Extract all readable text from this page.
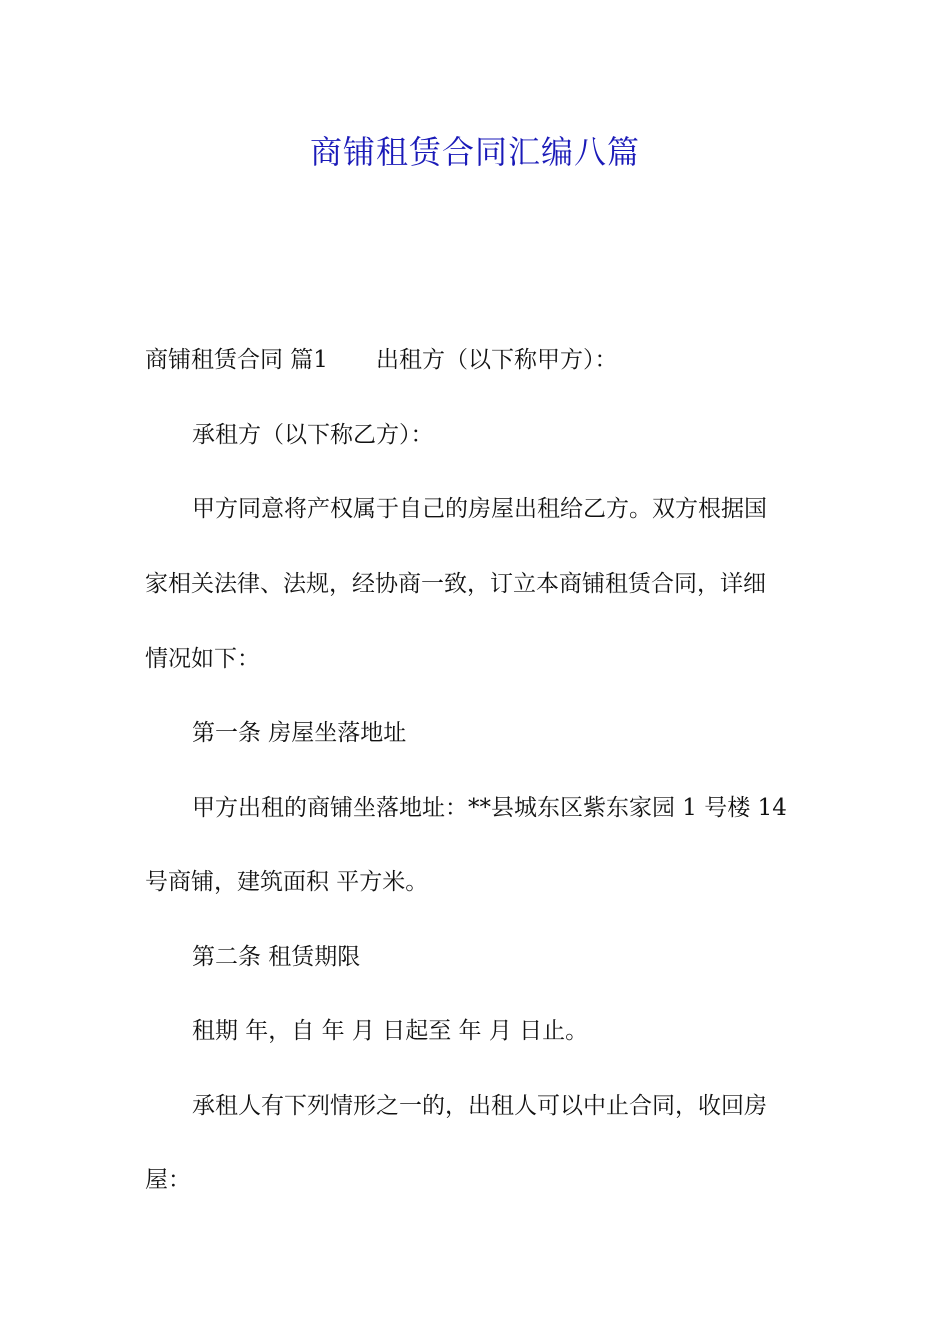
商铺租赁合同汇编八篇
商铺租赁合同 篇1 出租方（以下称甲方）：
承租方（以下称乙方）：
甲方同意将产权属于自己的房屋出租给乙方。双方根据国
家相关法律、法规，经协商一致，订立本商铺租赁合同，详细
情况如下：
第一条 房屋坐落地址
甲方出租的商铺坐落地址：**县城东区紫东家园 1 号楼 14
号商铺，建筑面积 平方米。
第二条 租赁期限
租期 年，自 年 月 日起至 年 月 日止。
承租人有下列情形之一的，出租人可以中止合同，收回房
屋：
